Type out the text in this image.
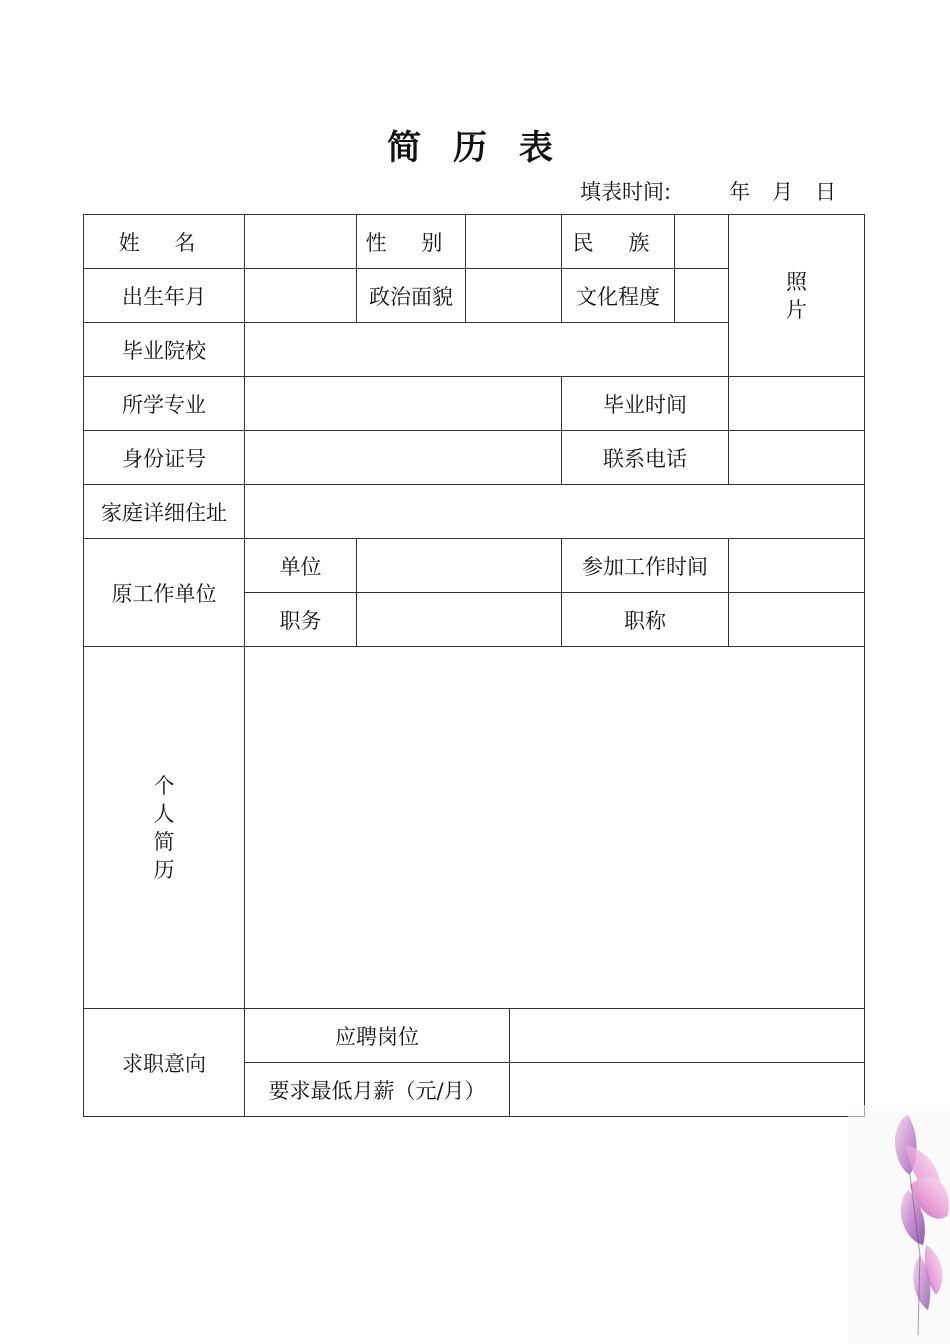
简 历 表
填表时间:	年 月 日
姓 名		性 别			民 族		照
片

出生年月		政治面貌			文化程度		
毕业院校							
所学专业					毕业时间		
身份证号					联系电话		
家庭详细住址							
原工作单位	单位				参加工作时间		
	职务				职称		

个
人
简
历							

求职意向	应聘岗位						
	要求最低月薪（元/月）						
